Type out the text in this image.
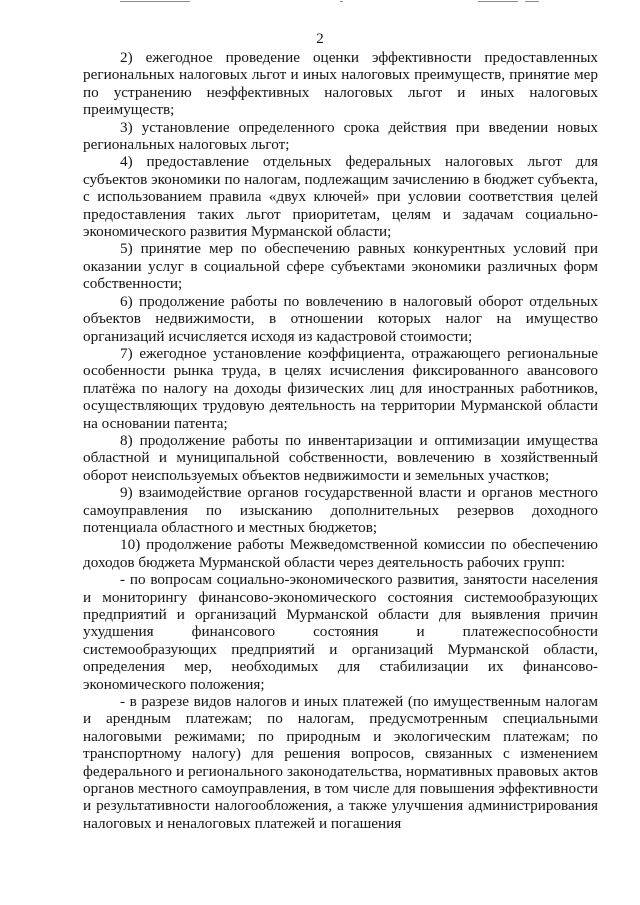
2

2) ежегодное проведение оценки эффективности предоставленных региональных налоговых льгот и иных налоговых преимуществ, принятие мер по устранению неэффективных налоговых льгот и иных налоговых преимуществ;

3) установление определенного срока действия при введении новых региональных налоговых льгот;

4) предоставление отдельных федеральных налоговых льгот для субъектов экономики по налогам, подлежащим зачислению в бюджет субъекта, с использованием правила «двух ключей» при условии соответствия целей предоставления таких льгот приоритетам, целям и задачам социально-экономического развития Мурманской области;

5) принятие мер по обеспечению равных конкурентных условий при оказании услуг в социальной сфере субъектами экономики различных форм собственности;

6) продолжение работы по вовлечению в налоговый оборот отдельных объектов недвижимости, в отношении которых налог на имущество организаций исчисляется исходя из кадастровой стоимости;

7) ежегодное установление коэффициента, отражающего региональные особенности рынка труда, в целях исчисления фиксированного авансового платёжа по налогу на доходы физических лиц для иностранных работников, осуществляющих трудовую деятельность на территории Мурманской области на основании патента;

8) продолжение работы по инвентаризации и оптимизации имущества областной и муниципальной собственности, вовлечению в хозяйственный оборот неиспользуемых объектов недвижимости и земельных участков;

9) взаимодействие органов государственной власти и органов местного самоуправления по изысканию дополнительных резервов доходного потенциала областного и местных бюджетов;

10) продолжение работы Межведомственной комиссии по обеспечению доходов бюджета Мурманской области через деятельность рабочих групп:

- по вопросам социально-экономического развития, занятости населения и мониторингу финансово-экономического состояния системообразующих предприятий и организаций Мурманской области для выявления причин ухудшения финансового состояния и платежеспособности системообразующих предприятий и организаций Мурманской области, определения мер, необходимых для стабилизации их финансово-экономического положения;

- в разрезе видов налогов и иных платежей (по имущественным налогам и арендным платежам; по налогам, предусмотренным специальными налоговыми режимами; по природным и экологическим платежам; по транспортному налогу) для решения вопросов, связанных с изменением федерального и регионального законодательства, нормативных правовых актов органов местного самоуправления, в том числе для повышения эффективности и результативности налогообложения, а также улучшения администрирования налоговых и неналоговых платежей и погашения
